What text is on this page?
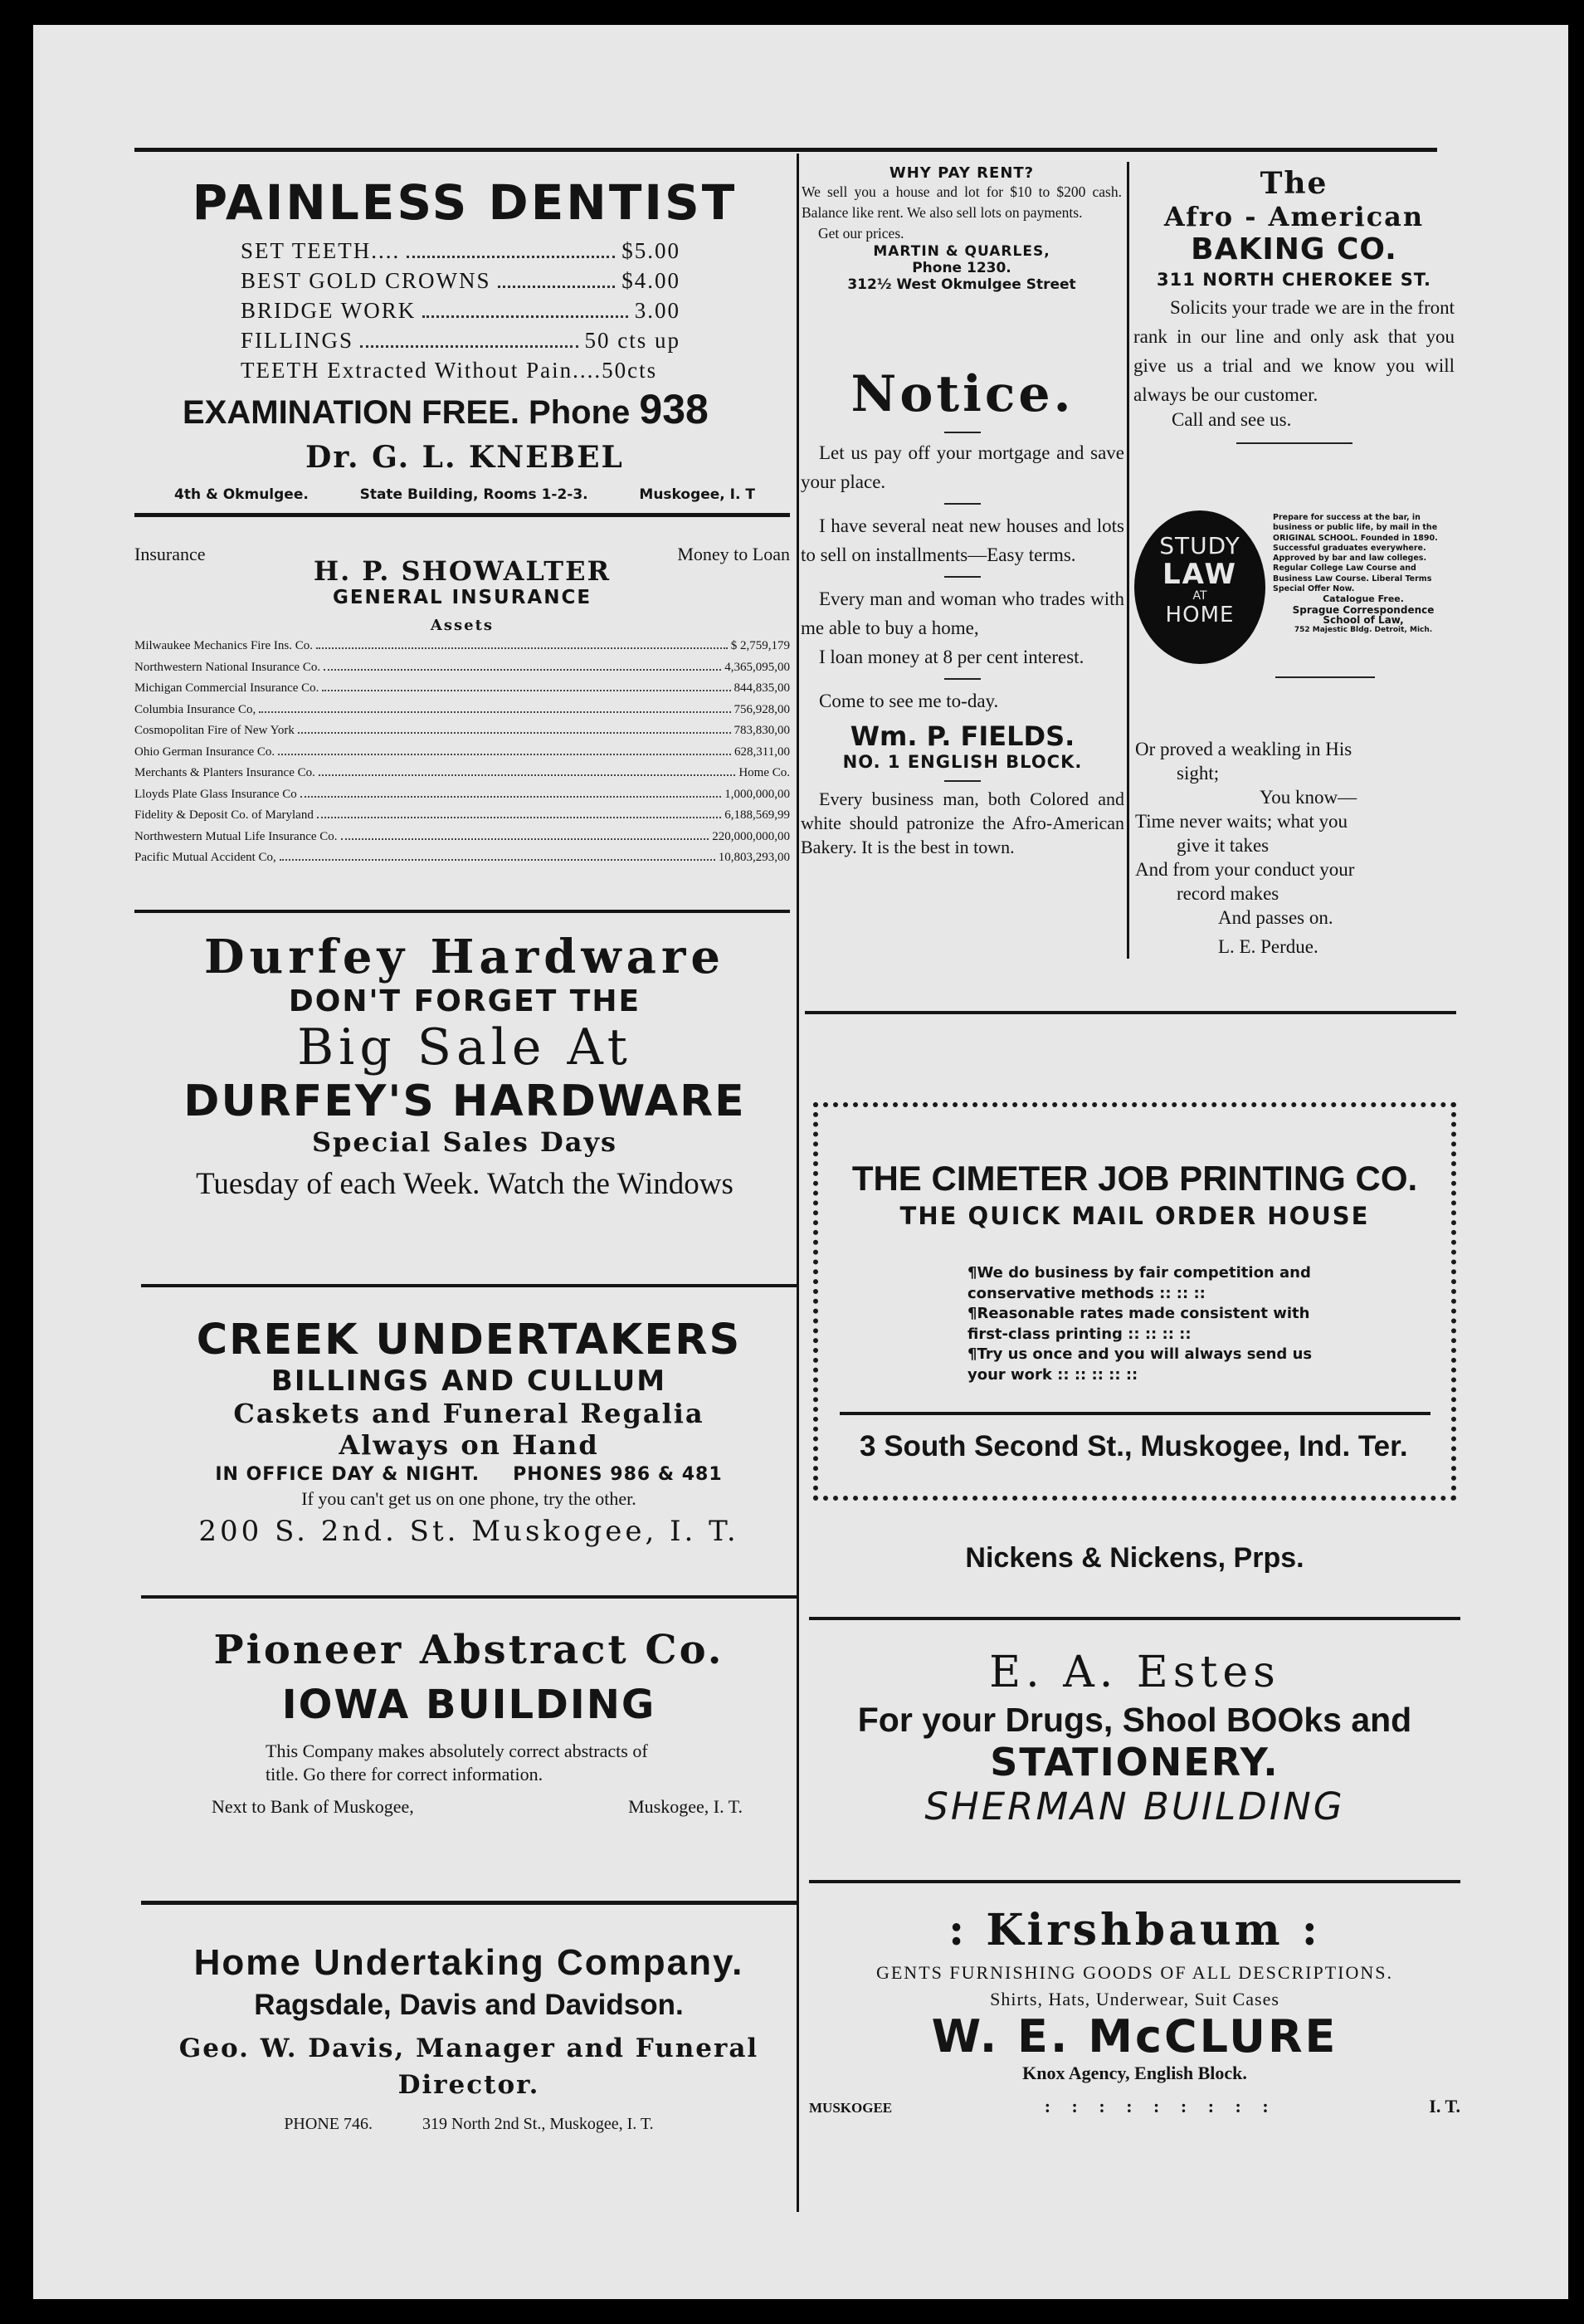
PAINLESS DENTIST
SET TEETH....	$5.00
BEST GOLD CROWNS	$4.00
BRIDGE WORK	3.00
FILLINGS	50 cts up
TEETH Extracted Without Pain....50cts
EXAMINATION FREE. Phone 938
Dr. G. L. KNEBEL
4th & Okmulgee.	State Building, Rooms 1-2-3.	Muskogee, I. T
Insurance	Money to Loan
H. P. SHOWALTER
GENERAL INSURANCE
Assets
Milwaukee Mechanics Fire Ins. Co.	$ 2,759,179
Northwestern National Insurance Co.	4,365,095,00
Michigan Commercial Insurance Co.	844,835,00
Columbia Insurance Co,	756,928,00
Cosmopolitan Fire of New York	783,830,00
Ohio German Insurance Co.	628,311,00
Merchants & Planters Insurance Co.	Home Co.
Lloyds Plate Glass Insurance Co	1,000,000,00
Fidelity & Deposit Co. of Maryland	6,188,569,99
Northwestern Mutual Life Insurance Co.	220,000,000,00
Pacific Mutual Accident Co,	10,803,293,00
Durfey Hardware
DON'T FORGET THE
Big Sale At
DURFEY'S HARDWARE
Special Sales Days
Tuesday of each Week. Watch the Windows
CREEK UNDERTAKERS
BILLINGS AND CULLUM
Caskets and Funeral Regalia
Always on Hand
IN OFFICE DAY & NIGHT. PHONES 986 & 481
If you can't get us on one phone, try the other.
200 S. 2nd. St. Muskogee, I. T.
Pioneer Abstract Co.
IOWA BUILDING
This Company makes absolutely correct abstracts of title. Go there for correct information.
Next to Bank of Muskogee,	Muskogee, I. T.
Home Undertaking Company.
Ragsdale, Davis and Davidson.
Geo. W. Davis, Manager and Funeral Director.
PHONE 746.	319 North 2nd St., Muskogee, I. T.
WHY PAY RENT?
We sell you a house and lot for $10 to $200 cash. Balance like rent. We also sell lots on payments.
Get our prices.
MARTIN & QUARLES,
Phone 1230.
312½ West Okmulgee Street
Notice.
Let us pay off your mortgage and save your place.
I have several neat new houses and lots to sell on installments—Easy terms.
Every man and woman who trades with me able to buy a home,
I loan money at 8 per cent interest.
Come to see me to-day.
Wm. P. FIELDS.
NO. 1 ENGLISH BLOCK.
Every business man, both Colored and white should patronize the Afro-American Bakery. It is the best in town.
The
Afro - American
BAKING CO.
311 NORTH CHEROKEE ST.
Solicits your trade we are in the front rank in our line and only ask that you give us a trial and we know you will always be our customer.
Call and see us.
STUDY
LAW
AT
HOME
Prepare for success at the bar, in business or public life, by mail in the ORIGINAL SCHOOL. Founded in 1890. Successful graduates everywhere. Approved by bar and law colleges. Regular College Law Course and Business Law Course. Liberal Terms Special Offer Now.
Catalogue Free.
Sprague Correspondence
School of Law,
752 Majestic Bldg. Detroit, Mich.
Or proved a weakling in His
sight;
You know—
Time never waits; what you
give it takes
And from your conduct your
record makes
And passes on.
L. E. Perdue.
THE CIMETER JOB PRINTING CO.
THE QUICK MAIL ORDER HOUSE
¶We do business by fair competition and conservative methods :: :: ::
¶Reasonable rates made consistent with first-class printing :: :: :: ::
¶Try us once and you will always send us your work :: :: :: :: ::
3 South Second St., Muskogee, Ind. Ter.
Nickens & Nickens, Prps.
E. A. Estes
For your Drugs, Shool BOOks and
STATIONERY.
SHERMAN BUILDING
: Kirshbaum :
GENTS FURNISHING GOODS OF ALL DESCRIPTIONS.
Shirts, Hats, Underwear, Suit Cases
W. E. McCLURE
Knox Agency, English Block.
MUSKOGEE	: : : : : : : : :	I. T.
